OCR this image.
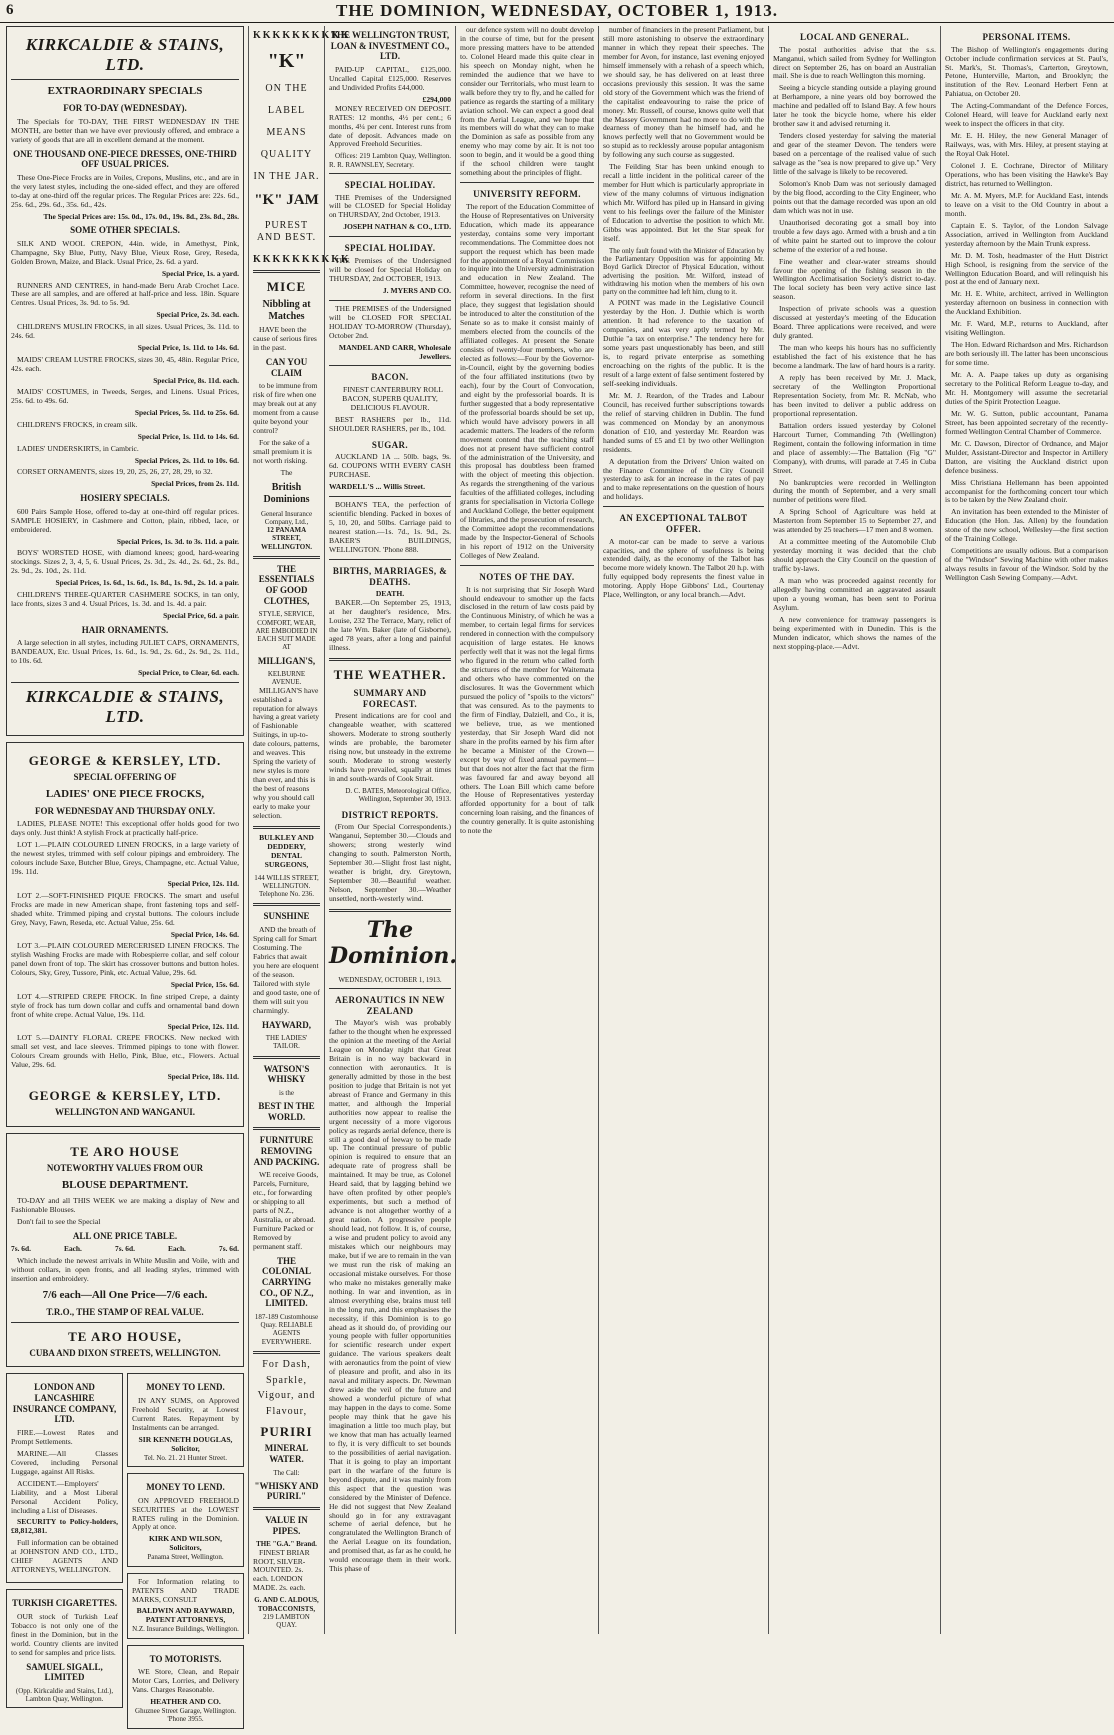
6	THE DOMINION, WEDNESDAY, OCTOBER 1, 1913.
KIRKCALDIE & STAINS, LTD.
EXTRAORDINARY SPECIALS
FOR TO-DAY (WEDNESDAY).

The Specials for TO-DAY, THE FIRST WEDNESDAY IN THE MONTH, are better than we have ever previously offered, and embrace a variety of goods that are all in excellent demand at the moment.

ONE THOUSAND ONE-PIECE DRESSES, ONE-THIRD OFF USUAL PRICES.

These One-Piece Frocks are in Voiles, Crepons, Muslins, etc., and are in the very latest styles, including the one-sided effect, and they are offered to-day at one-third off the regular prices. The Regular Prices are: 22s. 6d., 25s. 6d., 29s. 6d., 35s. 6d., 42s.

The Special Prices are: 15s. 0d., 17s. 0d., 19s. 8d., 23s. 8d., 28s.
SOME OTHER SPECIALS.

SILK AND WOOL CREPON, 44in. wide, in Amethyst, Pink, Champagne, Sky Blue, Putty, Navy Blue, Vieux Rose, Grey, Reseda, Golden Brown, Maize, and Black. Usual Price, 2s. 6d. a yard.

Special Price, 1s. a yard.

RUNNERS AND CENTRES, in hand-made Beru Arab Crochet Lace. These are all samples, and are offered at half-price and less. 18in. Square Centres. Usual Prices, 3s. 9d. to 5s. 9d.

Special Price, 2s. 3d. each.

CHILDREN'S MUSLIN FROCKS, in all sizes. Usual Prices, 3s. 11d. to 24s. 6d.

Special Price, 1s. 11d. to 14s. 6d.

MAIDS' CREAM LUSTRE FROCKS, sizes 30, 45, 48in. Regular Price, 42s. each.

Special Price, 8s. 11d. each.

MAIDS' COSTUMES, in Tweeds, Serges, and Linens. Usual Prices, 25s. 6d. to 49s. 6d.

Special Prices, 5s. 11d. to 25s. 6d.

CHILDREN'S FROCKS, in cream silk.

Special Price, 1s. 11d. to 14s. 6d.

LADIES' UNDERSKIRTS, in Cambric.

Special Prices, 2s. 11d. to 10s. 6d.

CORSET ORNAMENTS, sizes 19, 20, 25, 26, 27, 28, 29, to 32.

Special Prices, from 2s. 11d.
HOSIERY SPECIALS.

600 Pairs Sample Hose, offered to-day at one-third off regular prices. SAMPLE HOSIERY, in Cashmere and Cotton, plain, ribbed, lace, or embroidered.

Special Prices, 1s. 3d. to 3s. 11d. a pair.

BOYS' WORSTED HOSE, with diamond knees; good, hard-wearing stockings. Sizes 2, 3, 4, 5, 6. Usual Prices, 2s. 3d., 2s. 4d., 2s. 6d., 2s. 8d., 2s. 9d., 2s. 10d., 2s. 11d.

Special Prices, 1s. 6d., 1s. 6d., 1s. 8d., 1s. 9d., 2s. 1d. a pair.

CHILDREN'S THREE-QUARTER CASHMERE SOCKS, in tan only, lace fronts, sizes 3 and 4. Usual Prices, 1s. 3d. and 1s. 4d. a pair.

Special Price, 6d. a pair.
HAIR ORNAMENTS.

A large selection in all styles, including JULIET CAPS, ORNAMENTS, BANDEAUX, Etc. Usual Prices, 1s. 6d., 1s. 9d., 2s. 6d., 2s. 9d., 2s. 11d., to 10s. 6d.

Special Price, to Clear, 6d. each.
KIRKCALDIE & STAINS, LTD.
GEORGE & KERSLEY, LTD.
SPECIAL OFFERING OF
LADIES' ONE PIECE FROCKS,
FOR WEDNESDAY AND THURSDAY ONLY.

LADIES, PLEASE NOTE! This exceptional offer holds good for two days only. Just think! A stylish Frock at practically half-price.

LOT 1.—PLAIN COLOURED LINEN FROCKS, in a large variety of the newest styles, trimmed with self colour pipings and embroidery. The colours include Saxe, Butcher Blue, Greys, Champagne, etc. Actual Value, 19s. 11d.

Special Price, 12s. 11d.

LOT 2.—SOFT-FINISHED PIQUE FROCKS. The smart and useful Frocks are made in new American shape, front fastening tops and self-shaded white. Trimmed piping and crystal buttons. The colours include Grey, Navy, Fawn, Reseda, etc. Actual Value, 25s. 6d.

Special Price, 14s. 6d.

LOT 3.—PLAIN COLOURED MERCERISED LINEN FROCKS. The stylish Washing Frocks are made with Robespierre collar, and self colour panel down front of top. The skirt has crossover buttons and button holes. Colours, Sky, Grey, Tussore, Pink, etc. Actual Value, 29s. 6d.

Special Price, 15s. 6d.

LOT 4.—STRIPED CREPE FROCK. In fine striped Crepe, a dainty style of frock has turn down collar and cuffs and ornamental band down front of white crepe. Actual Value, 19s. 11d.

Special Price, 12s. 11d.

LOT 5.—DAINTY FLORAL CREPE FROCKS. New necked with small set vest, and lace sleeves. Trimmed pipings to tone with flower. Colours Cream grounds with Hello, Pink, Blue, etc., Flowers. Actual Value, 29s. 6d.

Special Price, 18s. 11d.
GEORGE & KERSLEY, LTD.
WELLINGTON AND WANGANUI.
TE ARO HOUSE
NOTEWORTHY VALUES FROM OUR
BLOUSE DEPARTMENT.

TO-DAY and all THIS WEEK we are making a display of New and Fashionable Blouses.

Don't fail to see the Special

ALL ONE PRICE TABLE.
7s. 6d.	Each.	7s. 6d.	Each.	7s. 6d.

Which include the newest arrivals in White Muslin and Voile, with and without collars, in open fronts, and all leading styles, trimmed with insertion and embroidery.

7/6 each—All One Price—7/6 each.
T.R.O., THE STAMP OF REAL VALUE.
TE ARO HOUSE,
CUBA AND DIXON STREETS, WELLINGTON.
LONDON AND LANCASHIRE INSURANCE COMPANY, LTD.

FIRE.—Lowest Rates and Prompt Settlements.

MARINE.—All Classes Covered, including Personal Luggage, against All Risks.

ACCIDENT.—Employers' Liability, and a Most Liberal Personal Accident Policy, including a List of Diseases.

SECURITY to Policy-holders, £8,812,381.

Full information can be obtained at JOHNSTON AND CO., LTD., CHIEF AGENTS AND ATTORNEYS, WELLINGTON.

TURKISH CIGARETTES.

OUR stock of Turkish Leaf Tobacco is not only one of the finest in the Dominion, but in the world. Country clients are invited to send for samples and price lists.

SAMUEL SIGALL, LIMITED
(Opp. Kirkcaldie and Stains, Ltd.), Lambton Quay, Wellington.
MONEY TO LEND.

IN ANY SUMS, on Approved Freehold Security, at Lowest Current Rates. Repayment by Instalments can be arranged.

SIR KENNETH DOUGLAS, Solicitor,
Tel. No. 21. 21 Hunter Street.
MONEY TO LEND.

ON APPROVED FREEHOLD SECURITIES at the LOWEST RATES ruling in the Dominion. Apply at once.

KIRK AND WILSON, Solicitors,
Panama Street, Wellington.

For Information relating to PATENTS AND TRADE MARKS, CONSULT

BALDWIN AND RAYWARD, PATENT ATTORNEYS,
N.Z. Insurance Buildings, Wellington.
TO MOTORISTS.

WE Store, Clean, and Repair Motor Cars, Lorries, and Delivery Vans. Charges Reasonable.

HEATHER AND CO.
Ghuznee Street Garage, Wellington. 'Phone 3955.
KKKKKKKKKK
"K"
ON THE
LABEL
MEANS
QUALITY
IN THE JAR.
"K" JAM
PUREST AND BEST.
KKKKKKKKKK
MICE
Nibbling at Matches

HAVE been the cause of serious fires in the past.

CAN YOU CLAIM

to be immune from risk of fire when one may break out at any moment from a cause quite beyond your control?

For the sake of a small premium it is not worth risking.

The
British Dominions
General Insurance Company, Ltd.,
12 PANAMA STREET, WELLINGTON.
THE ESSENTIALS OF GOOD CLOTHES,
STYLE, SERVICE,
COMFORT, WEAR,
ARE EMBODIED IN EACH SUIT MADE AT
MILLIGAN'S,
KELBURNE AVENUE.

MILLIGAN'S have established a reputation for always having a great variety of Fashionable Suitings, in up-to-date colours, patterns, and weaves. This Spring the variety of new styles is more than ever, and this is the best of reasons why you should call early to make your selection.

BULKLEY AND DEDDERY, DENTAL SURGEONS,
144 WILLIS STREET, WELLINGTON. Telephone No. 236.
SUNSHINE

AND the breath of Spring call for Smart Costuming. The Fabrics that await you here are eloquent of the season. Tailored with style and good taste, one of them will suit you charmingly.

HAYWARD,
THE LADIES' TAILOR.
WATSON'S WHISKY
is the
BEST IN THE WORLD.
FURNITURE REMOVING AND PACKING.

WE receive Goods, Parcels, Furniture, etc., for forwarding or shipping to all parts of N.Z., Australia, or abroad. Furniture Packed or Removed by permanent staff.

THE COLONIAL CARRYING CO., OF N.Z., LIMITED.
187-189 Customhouse Quay. RELIABLE AGENTS EVERYWHERE.
For Dash,
Sparkle,
Vigour, and
Flavour,
PURIRI
MINERAL WATER.
The Call:
"WHISKY AND PURIRI."
VALUE IN PIPES.
THE "G.A." Brand.

FINEST BRIAR ROOT, SILVER-MOUNTED. 2s. each. LONDON MADE. 2s. each.

G. AND C. ALDOUS, TOBACCONISTS,
219 LAMBTON QUAY.
THE WELLINGTON TRUST, LOAN & INVESTMENT CO., LTD.

PAID-UP CAPITAL, £125,000. Uncalled Capital £125,000. Reserves and Undivided Profits £44,000.

£294,000

MONEY RECEIVED ON DEPOSIT. RATES: 12 months, 4½ per cent.; 6 months, 4¼ per cent. Interest runs from date of deposit. Advances made on Approved Freehold Securities.

Offices: 219 Lambton Quay, Wellington. R. R. RAWNSLEY, Secretary.

SPECIAL HOLIDAY.

THE Premises of the Undersigned will be CLOSED for Special Holiday on THURSDAY, 2nd October, 1913.

JOSEPH NATHAN & CO., LTD.
SPECIAL HOLIDAY.

THE Premises of the Undersigned will be closed for Special Holiday on THURSDAY, 2nd OCTOBER, 1913.

J. MYERS AND CO.

THE PREMISES of the Undersigned will be CLOSED FOR SPECIAL HOLIDAY TO-MORROW (Thursday), October 2nd.

MANDEL AND CARR, Wholesale Jewellers.
BACON.

FINEST CANTERBURY ROLL BACON, SUPERB QUALITY, DELICIOUS FLAVOUR.

BEST RASHERS per lb., 11d. SHOULDER RASHERS, per lb., 10d.

SUGAR.

AUCKLAND 1A ... 50lb. bags, 9s. 6d. COUPONS WITH EVERY CASH PURCHASE.

WARDELL'S ... Willis Street.

BOHAN'S TEA, the perfection of scientific blending. Packed in boxes of 5, 10, 20, and 50lbs. Carriage paid to nearest station.—1s. 7d., 1s. 9d., 2s. BAKER'S BUILDINGS, WELLINGTON. 'Phone 888.

BIRTHS, MARRIAGES, & DEATHS.
DEATH.

BAKER.—On September 25, 1913, at her daughter's residence, Mrs. Louise, 232 The Terrace, Mary, relict of the late Wm. Baker (late of Gisborne), aged 78 years, after a long and painful illness.

THE WEATHER.
SUMMARY AND FORECAST.

Present indications are for cool and changeable weather, with scattered showers. Moderate to strong southerly winds are probable, the barometer rising now, but unsteady in the extreme south. Moderate to strong westerly winds have prevailed, squally at times in and south-wards of Cook Strait.

D. C. BATES, Meteorological Office, Wellington, September 30, 1913.
DISTRICT REPORTS.

(From Our Special Correspondents.) Wanganui, September 30.—Clouds and showers; strong westerly wind changing to south. Palmerston North, September 30.—Slight frost last night, weather is bright, dry. Greytown, September 30.—Beautiful weather. Nelson, September 30.—Weather unsettled, north-westerly wind.

The Dominion.
WEDNESDAY, OCTOBER 1, 1913.
AERONAUTICS IN NEW ZEALAND

The Mayor's wish was probably father to the thought when he expressed the opinion at the meeting of the Aerial League on Monday night that Great Britain is in no way backward in connection with aeronautics. It is generally admitted by those in the best position to judge that Britain is not yet abreast of France and Germany in this matter, and although the Imperial authorities now appear to realise the urgent necessity of a more vigorous policy as regards aerial defence, there is still a good deal of leeway to be made up. The continual pressure of public opinion is required to ensure that an adequate rate of progress shall be maintained. It may be true, as Colonel Heard said, that by lagging behind we have often profited by other people's experiments, but such a method of advance is not altogether worthy of a great nation. A progressive people should lead, not follow. It is, of course, a wise and prudent policy to avoid any mistakes which our neighbours may make, but if we are to remain in the van we must run the risk of making an occasional mistake ourselves. For those who make no mistakes generally make nothing. In war and invention, as in almost everything else, brains must tell in the long run, and this emphasises the necessity, if this Dominion is to go ahead as it should do, of providing our young people with fuller opportunities for scientific research under expert guidance. The various speakers dealt with aeronautics from the point of view of pleasure and profit, and also in its naval and military aspects. Dr. Newman drew aside the veil of the future and showed a wonderful picture of what may happen in the days to come. Some people may think that he gave his imagination a little too much play, but we know that man has actually learned to fly, it is very difficult to set bounds to the possibilities of aerial navigation. That it is going to play an important part in the warfare of the future is beyond dispute, and it was mainly from this aspect that the question was considered by the Minister of Defence. He did not suggest that New Zealand should go in for any extravagant scheme of aerial defence, but he congratulated the Wellington Branch of the Aerial League on its foundation, and promised that, as far as he could, he would encourage them in their work. This phase of

our defence system will no doubt develop in the course of time, but for the present more pressing matters have to be attended to. Colonel Heard made this quite clear in his speech on Monday night, when he reminded the audience that we have to consider our Territorials, who must learn to walk before they try to fly, and he called for patience as regards the starting of a military aviation school. We can expect a good deal from the Aerial League, and we hope that its members will do what they can to make the Dominion as safe as possible from any enemy who may come by air. It is not too soon to begin, and it would be a good thing if the school children were taught something about the principles of flight.

UNIVERSITY REFORM.

The report of the Education Committee of the House of Representatives on University Education, which made its appearance yesterday, contains some very important recommendations. The Committee does not support the request which has been made for the appointment of a Royal Commission to inquire into the University administration and education in New Zealand. The Committee, however, recognise the need of reform in several directions. In the first place, they suggest that legislation should be introduced to alter the constitution of the Senate so as to make it consist mainly of members elected from the councils of the affiliated colleges. At present the Senate consists of twenty-four members, who are elected as follows:—Four by the Governor-in-Council, eight by the governing bodies of the four affiliated institutions (two by each), four by the Court of Convocation, and eight by the professorial boards. It is further suggested that a body representative of the professorial boards should be set up, which would have advisory powers in all academic matters. The leaders of the reform movement contend that the teaching staff does not at present have sufficient control of the administration of the University, and this proposal has doubtless been framed with the object of meeting this objection. As regards the strengthening of the various faculties of the affiliated colleges, including grants for specialisation in Victoria College and Auckland College, the better equipment of libraries, and the prosecution of research, the Committee adopt the recommendations made by the Inspector-General of Schools in his report of 1912 on the University Colleges of New Zealand.

NOTES OF THE DAY.

It is not surprising that Sir Joseph Ward should endeavour to smother up the facts disclosed in the return of law costs paid by the Continuous Ministry, of which he was a member, to certain legal firms for services rendered in connection with the compulsory acquisition of large estates. He knows perfectly well that it was not the legal firms who figured in the return who called forth the strictures of the member for Waitemata and others who have commented on the disclosures. It was the Government which pursued the policy of "spoils to the victors" that was censured. As to the payments to the firm of Findlay, Dalziell, and Co., it is, we believe, true, as we mentioned yesterday, that Sir Joseph Ward did not share in the profits earned by his firm after he became a Minister of the Crown—except by way of fixed annual payment—but that does not alter the fact that the firm was favoured far and away beyond all others. The Loan Bill which came before the House of Representatives yesterday afforded opportunity for a bout of talk concerning loan raising, and the finances of the country generally. It is quite astonishing to note the

number of financiers in the present Parliament, but still more astonishing to observe the extraordinary manner in which they repeat their speeches. The member for Avon, for instance, last evening enjoyed himself immensely with a rehash of a speech which, we should say, he has delivered on at least three occasions previously this session. It was the same old story of the Government which was the friend of the capitalist endeavouring to raise the price of money. Mr. Russell, of course, knows quite well that the Massey Government had no more to do with the dearness of money than he himself had, and he knows perfectly well that no Government would be so stupid as to recklessly arouse popular antagonism by following any such course as suggested.

The Feilding Star has been unkind enough to recall a little incident in the political career of the member for Hutt which is particularly appropriate in view of the many columns of virtuous indignation which Mr. Wilford has piled up in Hansard in giving vent to his feelings over the failure of the Minister of Education to advertise the position to which Mr. Gibbs was appointed. But let the Star speak for itself.

The only fault found with the Minister of Education by the Parliamentary Opposition was for appointing Mr. Boyd Garlick Director of Physical Education, without advertising the position. Mr. Wilford, instead of withdrawing his motion when the members of his own party on the committee had left him, clung to it.

A POINT was made in the Legislative Council yesterday by the Hon. J. Duthie which is worth attention. It had reference to the taxation of companies, and was very aptly termed by Mr. Duthie "a tax on enterprise." The tendency here for some years past unquestionably has been, and still is, to regard private enterprise as something encroaching on the rights of the public. It is the result of a large extent of false sentiment fostered by self-seeking individuals.

Mr. M. J. Reardon, of the Trades and Labour Council, has received further subscriptions towards the relief of starving children in Dublin. The fund was commenced on Monday by an anonymous donation of £10, and yesterday Mr. Reardon was handed sums of £5 and £1 by two other Wellington residents.

A deputation from the Drivers' Union waited on the Finance Committee of the City Council yesterday to ask for an increase in the rates of pay and to make representations on the question of hours and holidays.

AN EXCEPTIONAL TALBOT OFFER.

A motor-car can be made to serve a various capacities, and the sphere of usefulness is being extended daily, as the economy of the Talbot has become more widely known. The Talbot 20 h.p. with fully equipped body represents the finest value in motoring. Apply Hope Gibbons' Ltd., Courtenay Place, Wellington, or any local branch.—Advt.

LOCAL AND GENERAL.

The postal authorities advise that the s.s. Manganui, which sailed from Sydney for Wellington direct on September 26, has on board an Australian mail. She is due to reach Wellington this morning.

Seeing a bicycle standing outside a playing ground at Berhampore, a nine years old boy borrowed the machine and pedalled off to Island Bay. A few hours later he took the bicycle home, where his elder brother saw it and advised returning it.

Tenders closed yesterday for salving the material and gear of the steamer Devon. The tenders were based on a percentage of the realised value of such salvage as the "sea is now prepared to give up." Very little of the salvage is likely to be recovered.

Solomon's Knob Dam was not seriously damaged by the big flood, according to the City Engineer, who points out that the damage recorded was upon an old dam which was not in use.

Unauthorised decorating got a small boy into trouble a few days ago. Armed with a brush and a tin of white paint he started out to improve the colour scheme of the exterior of a red house.

Fine weather and clear-water streams should favour the opening of the fishing season in the Wellington Acclimatisation Society's district to-day. The local society has been very active since last season.

Inspection of private schools was a question discussed at yesterday's meeting of the Education Board. Three applications were received, and were duly granted.

The man who keeps his hours has no sufficiently established the fact of his existence that he has become a landmark. The law of hard hours is a rarity.

A reply has been received by Mr. J. Mack, secretary of the Wellington Proportional Representation Society, from Mr. R. McNab, who has been invited to deliver a public address on proportional representation.

Battalion orders issued yesterday by Colonel Harcourt Turner, Commanding 7th (Wellington) Regiment, contain the following information in time and place of assembly:—The Battalion (Fig "G" Company), with drums, will parade at 7.45 in Cuba Street.

No bankruptcies were recorded in Wellington during the month of September, and a very small number of petitions were filed.

A Spring School of Agriculture was held at Masterton from September 15 to September 27, and was attended by 25 teachers—17 men and 8 women.

At a committee meeting of the Automobile Club yesterday morning it was decided that the club should approach the City Council on the question of traffic by-laws.

A man who was proceeded against recently for allegedly having committed an aggravated assault upon a young woman, has been sent to Porirua Asylum.

A new convenience for tramway passengers is being experimented with in Dunedin. This is the Munden indicator, which shows the names of the next stopping-place.—Advt.

PERSONAL ITEMS.

The Bishop of Wellington's engagements during October include confirmation services at St. Paul's, St. Mark's, St. Thomas's, Carterton, Greytown, Petone, Hunterville, Marton, and Brooklyn; the institution of the Rev. Leonard Herbert Fenn at Pahiatua, on October 20.

The Acting-Commandant of the Defence Forces, Colonel Heard, will leave for Auckland early next week to inspect the officers in that city.

Mr. E. H. Hiley, the new General Manager of Railways, was, with Mrs. Hiley, at present staying at the Royal Oak Hotel.

Colonel J. E. Cochrane, Director of Military Operations, who has been visiting the Hawke's Bay district, has returned to Wellington.

Mr. A. M. Myers, M.P. for Auckland East, intends to leave on a visit to the Old Country in about a month.

Captain E. S. Taylor, of the London Salvage Association, arrived in Wellington from Auckland yesterday afternoon by the Main Trunk express.

Mr. D. M. Tosh, headmaster of the Hutt District High School, is resigning from the service of the Wellington Education Board, and will relinquish his post at the end of January next.

Mr. H. E. White, architect, arrived in Wellington yesterday afternoon on business in connection with the Auckland Exhibition.

Mr. F. Ward, M.P., returns to Auckland, after visiting Wellington.

The Hon. Edward Richardson and Mrs. Richardson are both seriously ill. The latter has been unconscious for some time.

Mr. A. A. Paape takes up duty as organising secretary to the Political Reform League to-day, and Mr. H. Montgomery will assume the secretarial duties of the Spirit Protection League.

Mr. W. G. Sutton, public accountant, Panama Street, has been appointed secretary of the recently-formed Wellington Central Chamber of Commerce.

Mr. C. Dawson, Director of Ordnance, and Major Mulder, Assistant-Director and Inspector in Artillery Datton, are visiting the Auckland district upon defence business.

Miss Christiana Hellemann has been appointed accompanist for the forthcoming concert tour which is to be taken by the New Zealand choir.

An invitation has been extended to the Minister of Education (the Hon. Jas. Allen) by the foundation stone of the new school, Wellesley—the first section of the Training College.

Competitions are usually odious. But a comparison of the "Windsor" Sewing Machine with other makes always results in favour of the Windsor. Sold by the Wellington Cash Sewing Company.—Advt.
